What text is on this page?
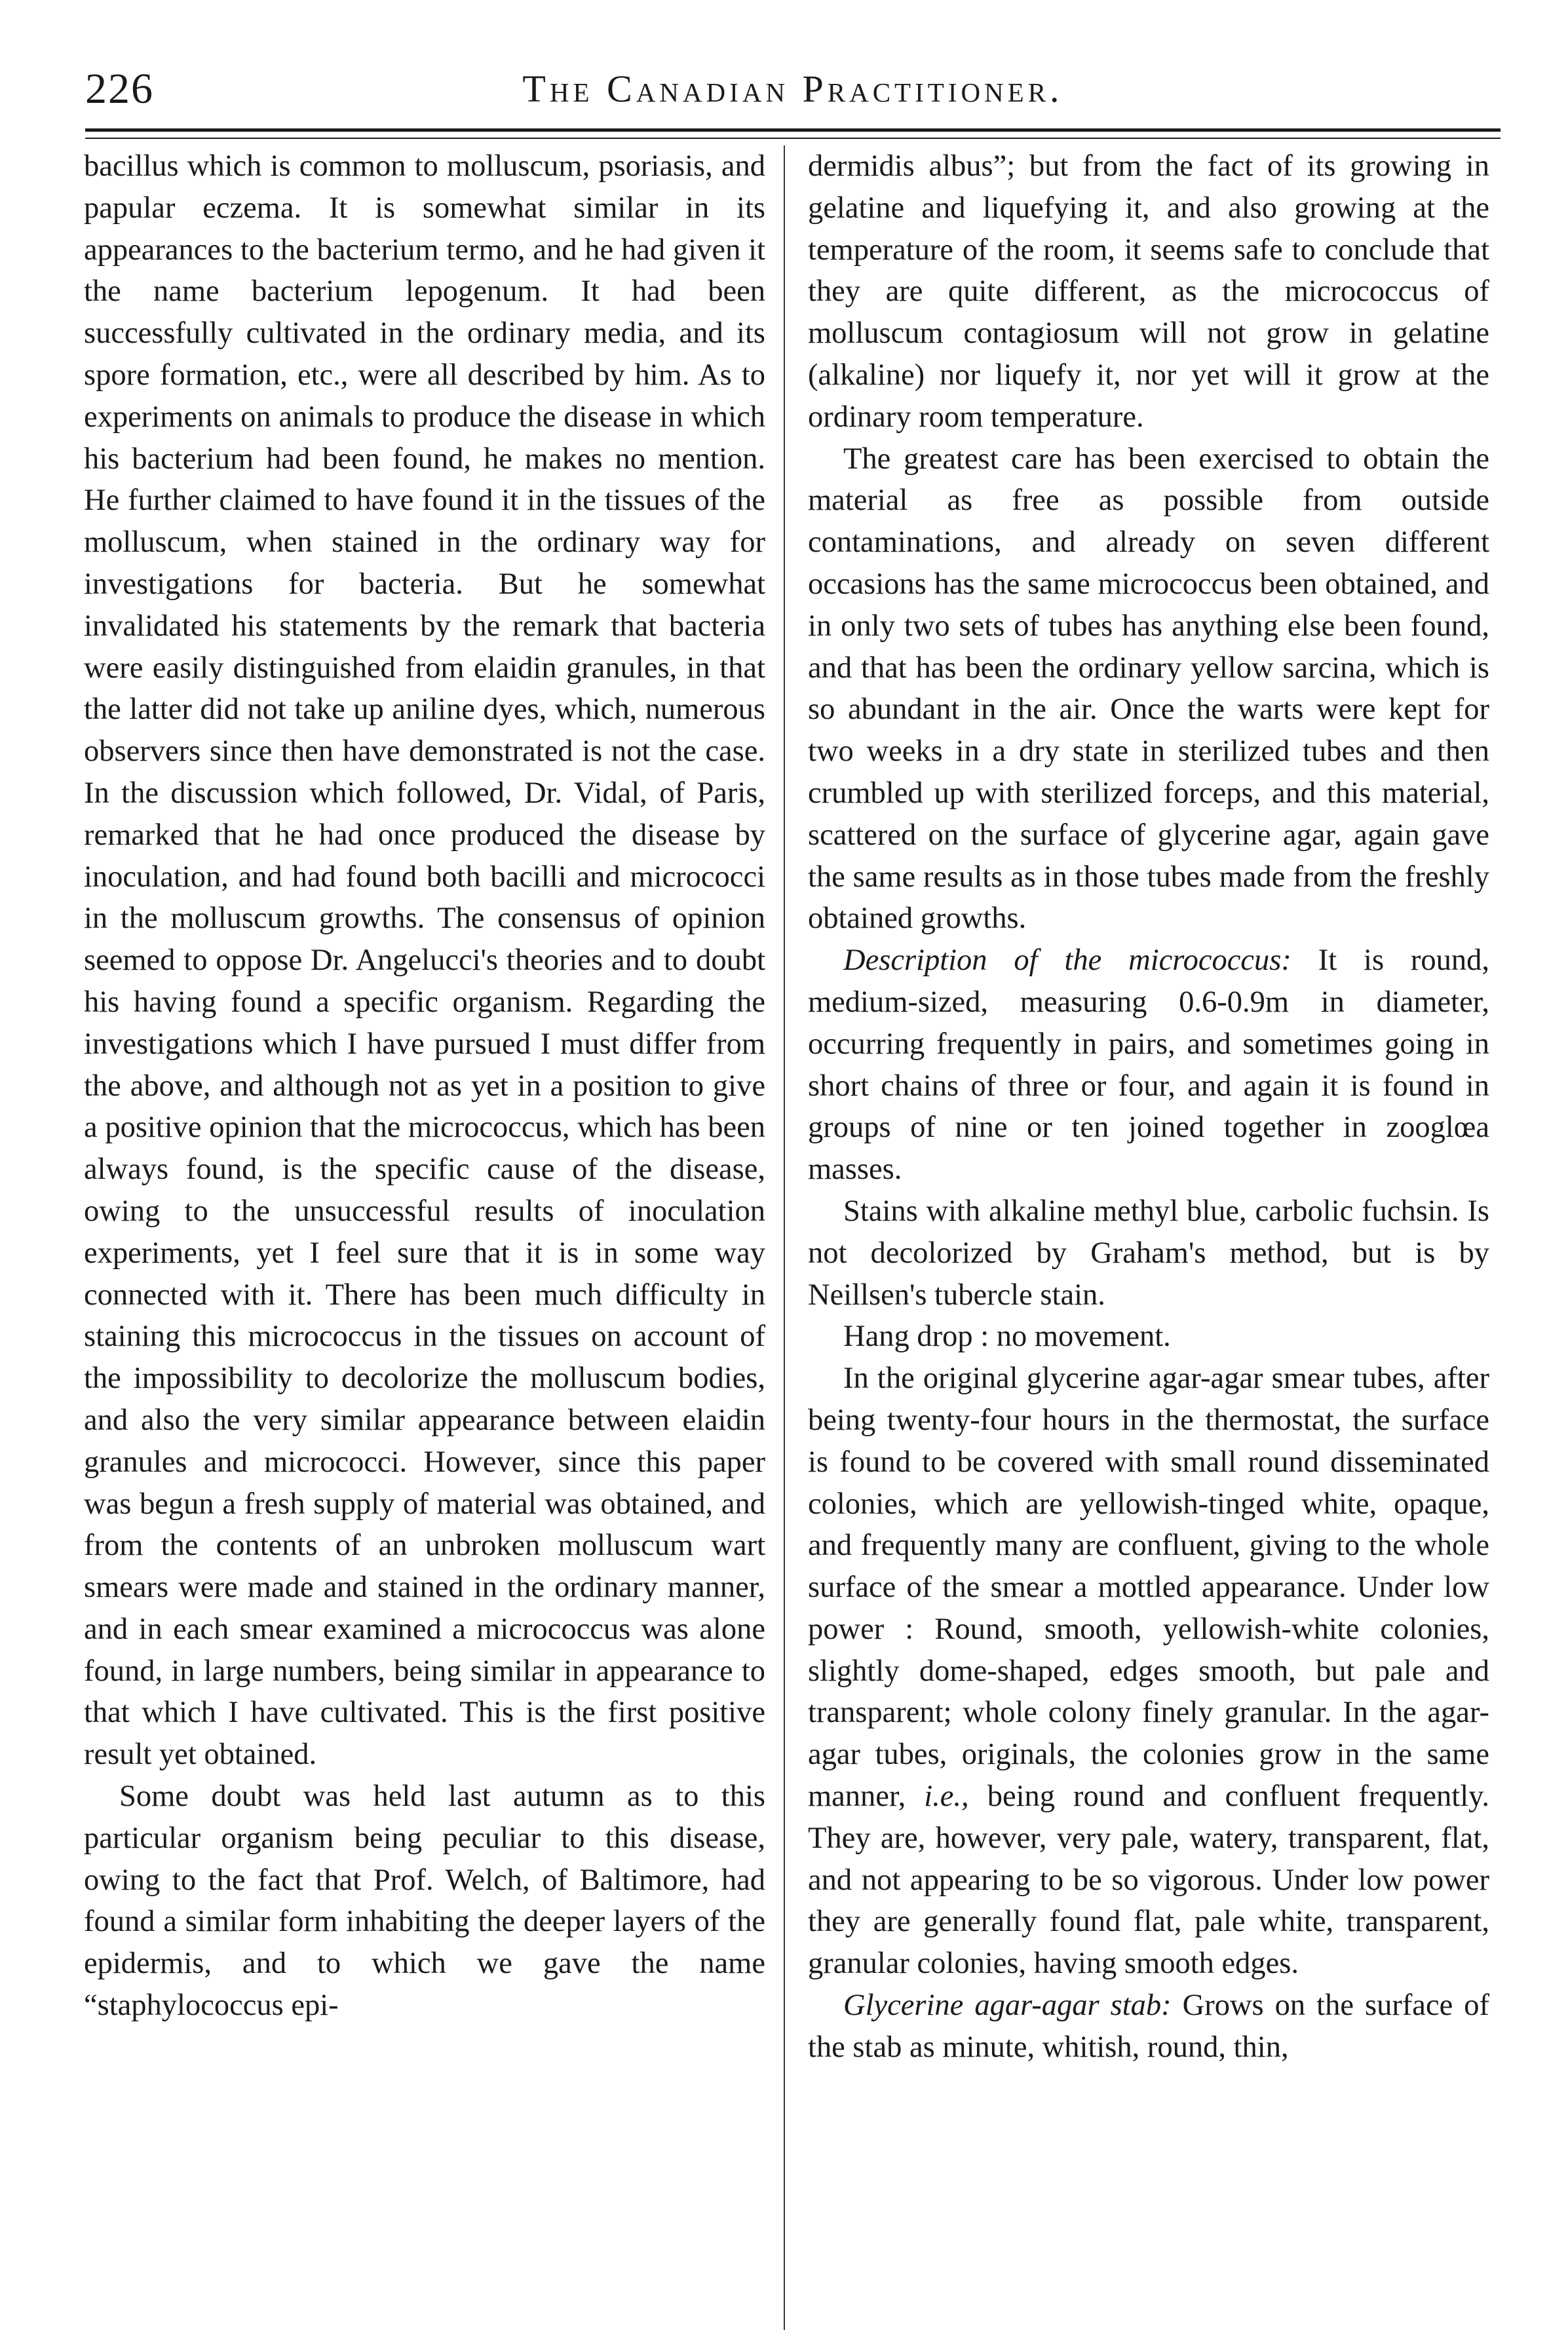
226	The Canadian Practitioner.

bacillus which is common to molluscum, psoriasis, and papular eczema. It is somewhat similar in its appearances to the bacterium termo, and he had given it the name bacterium lepogenum. It had been successfully cultivated in the ordinary media, and its spore formation, etc., were all described by him. As to experiments on animals to produce the disease in which his bacterium had been found, he makes no mention. He further claimed to have found it in the tissues of the molluscum, when stained in the ordinary way for investigations for bacteria. But he somewhat invalidated his statements by the remark that bacteria were easily distinguished from elaidin granules, in that the latter did not take up aniline dyes, which, numerous observers since then have demonstrated is not the case. In the discussion which followed, Dr. Vidal, of Paris, remarked that he had once produced the disease by inoculation, and had found both bacilli and micrococci in the molluscum growths. The consensus of opinion seemed to oppose Dr. Angelucci's theories and to doubt his having found a specific organism. Regarding the investigations which I have pursued I must differ from the above, and although not as yet in a position to give a positive opinion that the micrococcus, which has been always found, is the specific cause of the disease, owing to the unsuccessful results of inoculation experiments, yet I feel sure that it is in some way connected with it. There has been much difficulty in staining this micrococcus in the tissues on account of the impossibility to decolorize the molluscum bodies, and also the very similar appearance between elaidin granules and micrococci. However, since this paper was begun a fresh supply of material was obtained, and from the contents of an unbroken molluscum wart smears were made and stained in the ordinary manner, and in each smear examined a micrococcus was alone found, in large numbers, being similar in appearance to that which I have cultivated. This is the first positive result yet obtained.

Some doubt was held last autumn as to this particular organism being peculiar to this disease, owing to the fact that Prof. Welch, of Baltimore, had found a similar form inhabiting the deeper layers of the epidermis, and to which we gave the name “staphylococcus epi-

dermidis albus”; but from the fact of its growing in gelatine and liquefying it, and also growing at the temperature of the room, it seems safe to conclude that they are quite different, as the micrococcus of molluscum contagiosum will not grow in gelatine (alkaline) nor liquefy it, nor yet will it grow at the ordinary room temperature.

The greatest care has been exercised to obtain the material as free as possible from outside contaminations, and already on seven different occasions has the same micrococcus been obtained, and in only two sets of tubes has anything else been found, and that has been the ordinary yellow sarcina, which is so abundant in the air. Once the warts were kept for two weeks in a dry state in sterilized tubes and then crumbled up with sterilized forceps, and this material, scattered on the surface of glycerine agar, again gave the same results as in those tubes made from the freshly obtained growths.

Description of the micrococcus: It is round, medium-sized, measuring 0.6-0.9m in diameter, occurring frequently in pairs, and sometimes going in short chains of three or four, and again it is found in groups of nine or ten joined together in zooglœa masses.

Stains with alkaline methyl blue, carbolic fuchsin. Is not decolorized by Graham's method, but is by Neillsen's tubercle stain.

Hang drop : no movement.

In the original glycerine agar-agar smear tubes, after being twenty-four hours in the thermostat, the surface is found to be covered with small round disseminated colonies, which are yellowish-tinged white, opaque, and frequently many are confluent, giving to the whole surface of the smear a mottled appearance. Under low power : Round, smooth, yellowish-white colonies, slightly dome-shaped, edges smooth, but pale and transparent; whole colony finely granular. In the agar-agar tubes, originals, the colonies grow in the same manner, i.e., being round and confluent frequently. They are, however, very pale, watery, transparent, flat, and not appearing to be so vigorous. Under low power they are generally found flat, pale white, transparent, granular colonies, having smooth edges.

Glycerine agar-agar stab: Grows on the surface of the stab as minute, whitish, round, thin,
